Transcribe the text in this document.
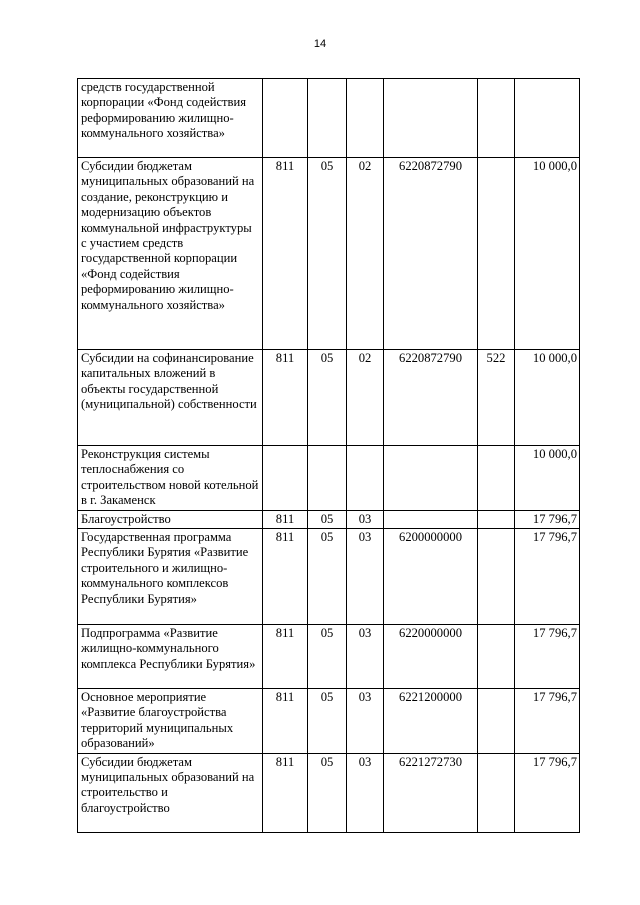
14
средств государственной корпорации «Фонд содействия реформированию жилищно-коммунального хозяйства»						
Субсидии бюджетам муниципальных образований на создание, реконструкцию и модернизацию объектов коммунальной инфраструктуры с участием средств государственной корпорации «Фонд содействия реформированию жилищно-коммунального хозяйства»	811	05	02	6220872790		10 000,0
Субсидии на софинансирование капитальных вложений в объекты государственной (муниципальной) собственности	811	05	02	6220872790	522	10 000,0
Реконструкция системы теплоснабжения со строительством новой котельной в г. Закаменск						10 000,0
Благоустройство	811	05	03			17 796,7
Государственная программа Республики Бурятия «Развитие строительного и жилищно-коммунального комплексов Республики Бурятия»	811	05	03	6200000000		17 796,7
Подпрограмма «Развитие жилищно-коммунального комплекса Республики Бурятия»	811	05	03	6220000000		17 796,7
Основное мероприятие «Развитие благоустройства территорий муниципальных образований»	811	05	03	6221200000		17 796,7
Субсидии бюджетам муниципальных образований на строительство и благоустройство	811	05	03	6221272730		17 796,7
